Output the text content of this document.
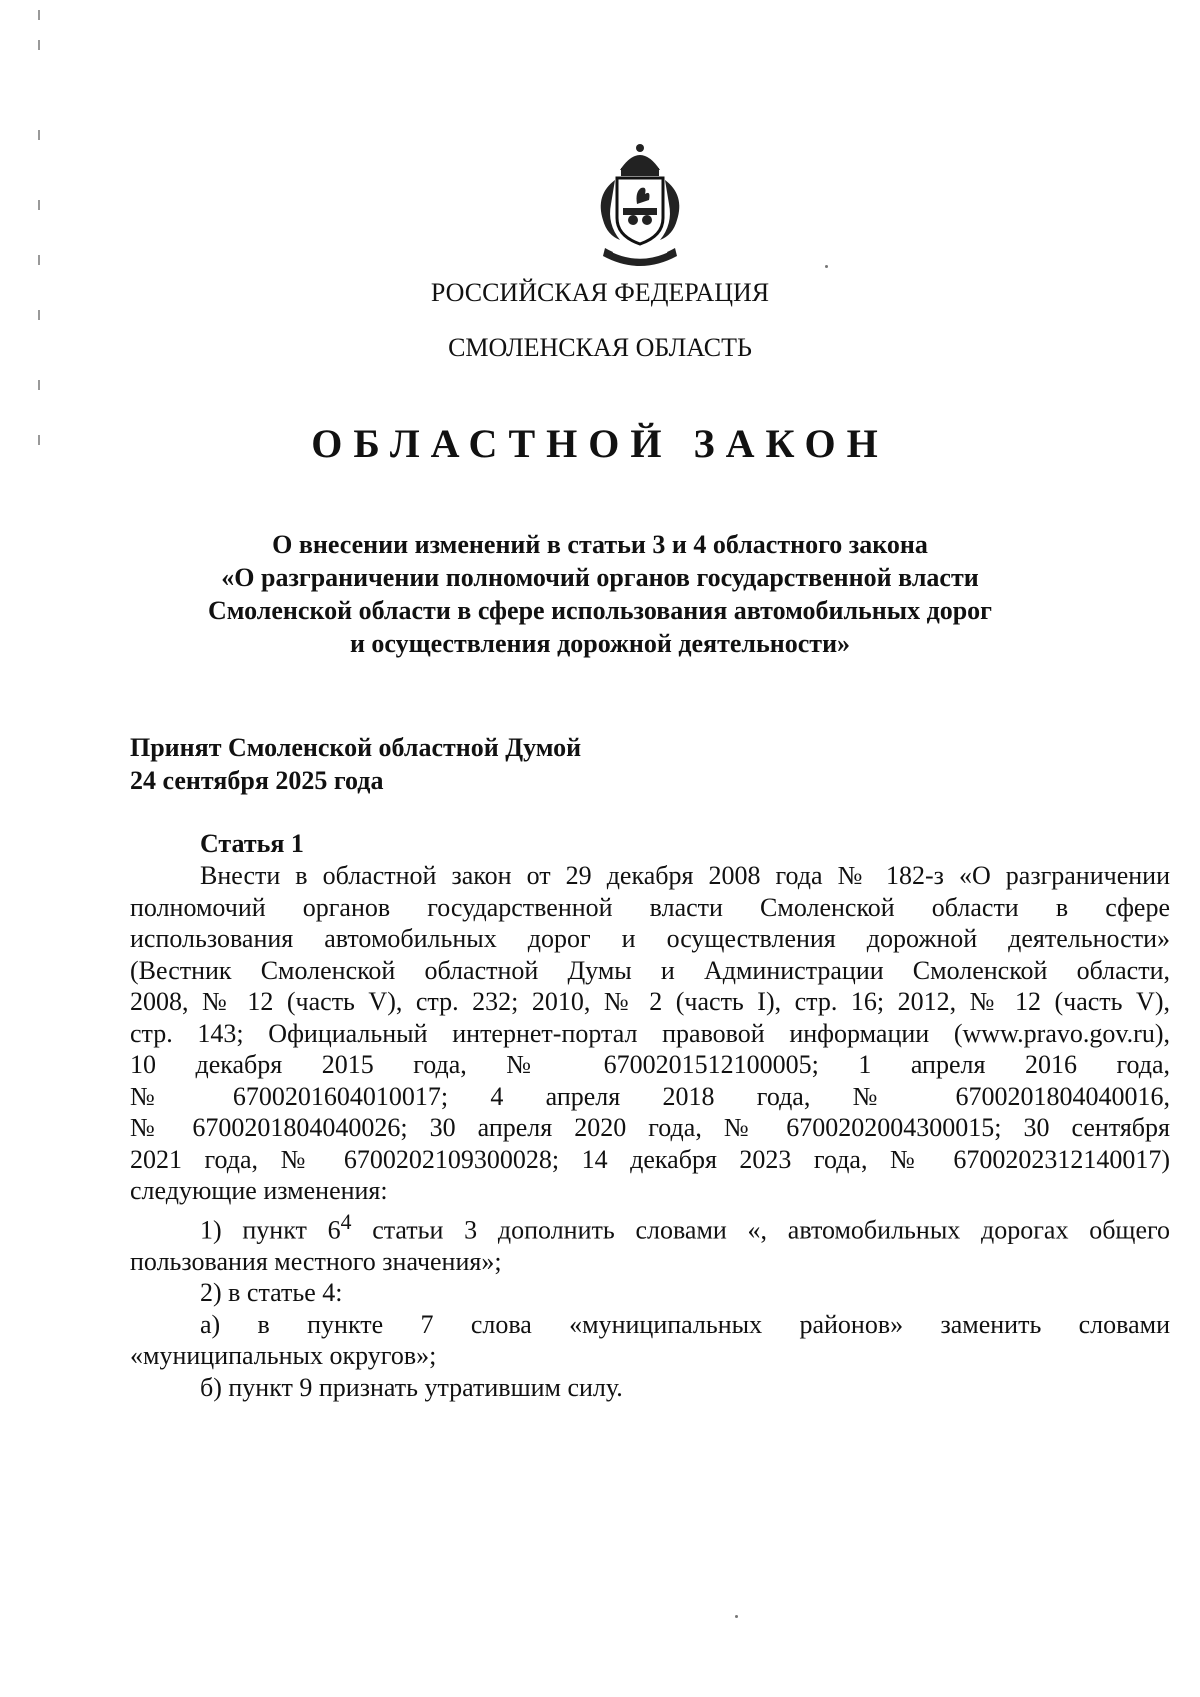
РОССИЙСКАЯ ФЕДЕРАЦИЯ
СМОЛЕНСКАЯ ОБЛАСТЬ
ОБЛАСТНОЙ ЗАКОН
О внесении изменений в статьи 3 и 4 областного закона
«О разграничении полномочий органов государственной власти
Смоленской области в сфере использования автомобильных дорог
и осуществления дорожной деятельности»
Принят Смоленской областной Думой
24 сентября 2025 года
Статья 1

Внести в областной закон от 29 декабря 2008 года № 182-з «О разграничении
полномочий органов государственной власти Смоленской области в сфере
использования автомобильных дорог и осуществления дорожной деятельности»
(Вестник Смоленской областной Думы и Администрации Смоленской области,
2008, № 12 (часть V), стр. 232; 2010, № 2 (часть I), стр. 16; 2012, № 12 (часть V),
стр. 143; Официальный интернет-портал правовой информации (www.pravo.gov.ru),
10 декабря 2015 года, № 6700201512100005; 1 апреля 2016 года,
№ 6700201604010017; 4 апреля 2018 года, № 6700201804040016,
№ 6700201804040026; 30 апреля 2020 года, № 6700202004300015; 30 сентября
2021 года, № 6700202109300028; 14 декабря 2023 года, № 6700202312140017)
следующие изменения:

1) пункт $6^4$ статьи 3 дополнить словами «, автомобильных дорогах общего
пользования местного значения»;

2) в статье 4:

а) в пункте 7 слова «муниципальных районов» заменить словами
«муниципальных округов»;

б) пункт 9 признать утратившим силу.
